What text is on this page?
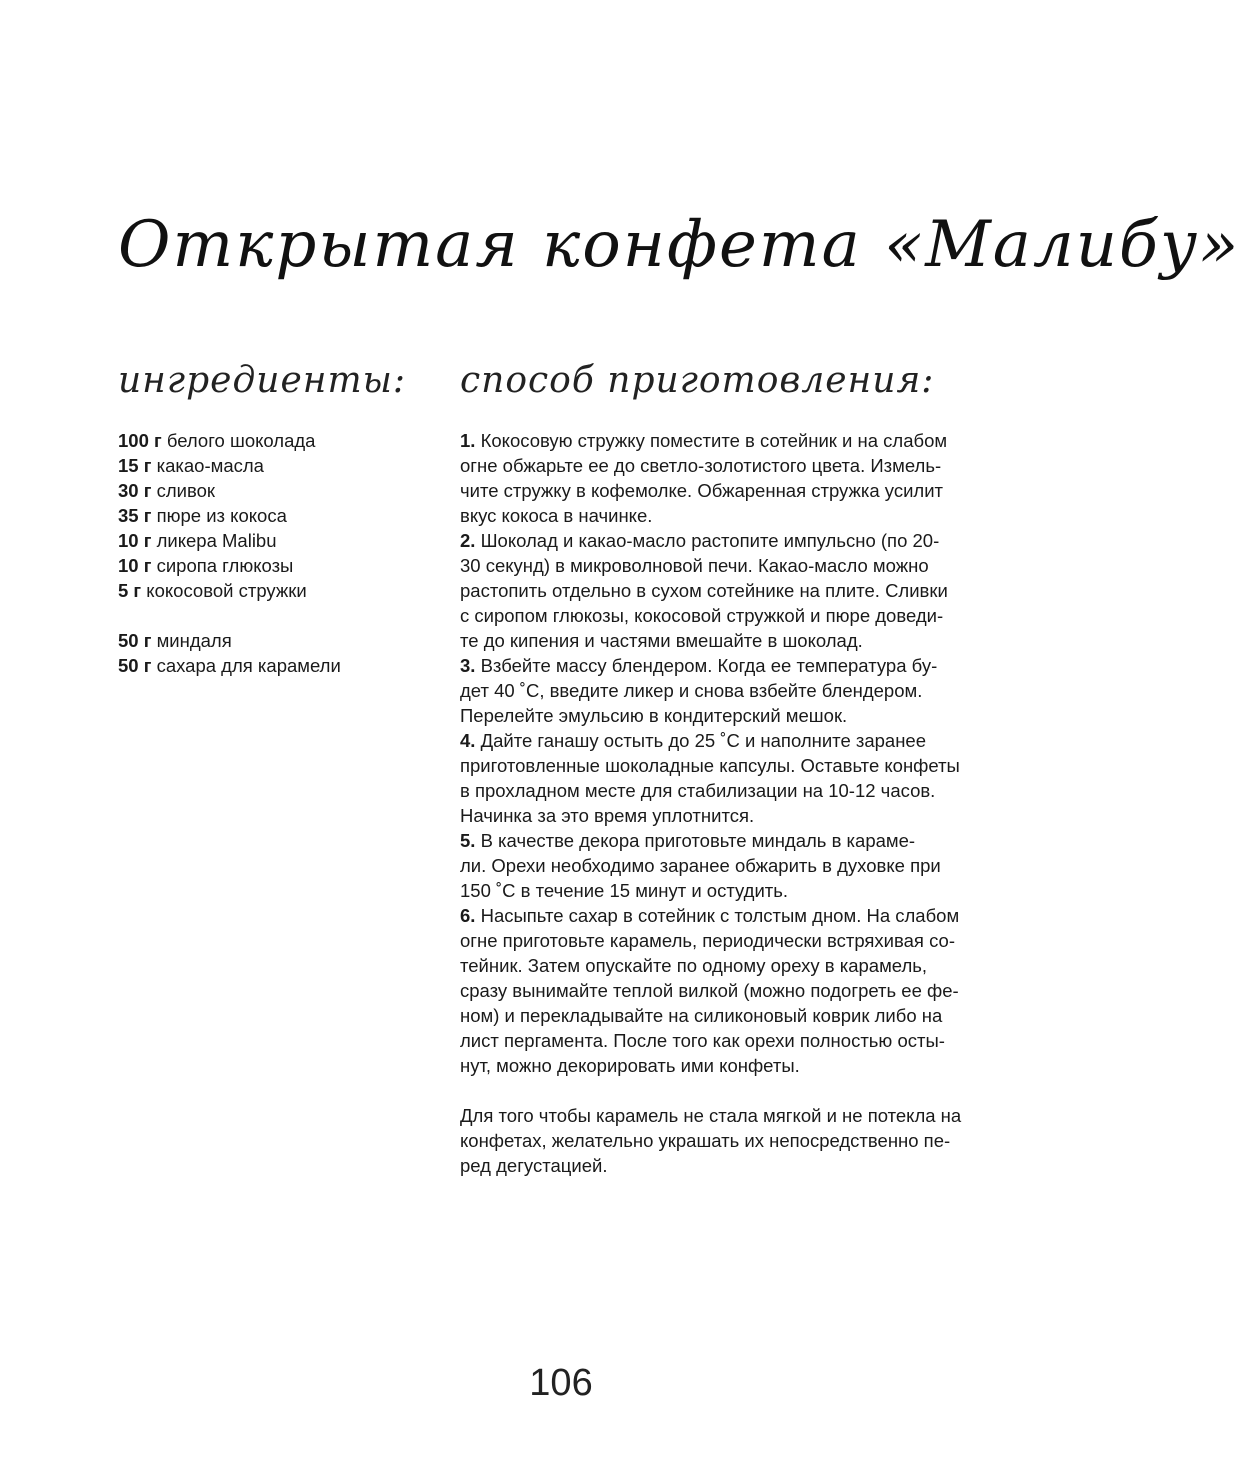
Открытая конфета «Малибу»
ингредиенты: способ приготовления:
100 г белого шоколада
15 г какао-масла
30 г сливок
35 г пюре из кокоса
10 г ликера Malibu
10 г сиропа глюкозы
5 г кокосовой стружки
50 г миндаля
50 г сахара для карамели
1. Кокосовую стружку поместите в сотейник и на слабом
огне обжарьте ее до светло-золотистого цвета. Измель-
чите стружку в кофемолке. Обжаренная стружка усилит
вкус кокоса в начинке.
2. Шоколад и какао-масло растопите импульсно (по 20-
30 секунд) в микроволновой печи. Какао-масло можно
растопить отдельно в сухом сотейнике на плите. Сливки
с сиропом глюкозы, кокосовой стружкой и пюре доведи-
те до кипения и частями вмешайте в шоколад.
3. Взбейте массу блендером. Когда ее температура бу-
дет 40 ˚С, введите ликер и снова взбейте блендером.
Перелейте эмульсию в кондитерский мешок.
4. Дайте ганашу остыть до 25 ˚С и наполните заранее
приготовленные шоколадные капсулы. Оставьте конфеты
в прохладном месте для стабилизации на 10-12 часов.
Начинка за это время уплотнится.
5. В качестве декора приготовьте миндаль в караме-
ли. Орехи необходимо заранее обжарить в духовке при
150 ˚С в течение 15 минут и остудить.
6. Насыпьте сахар в сотейник с толстым дном. На слабом
огне приготовьте карамель, периодически встряхивая со-
тейник. Затем опускайте по одному ореху в карамель,
сразу вынимайте теплой вилкой (можно подогреть ее фе-
ном) и перекладывайте на силиконовый коврик либо на
лист пергамента. После того как орехи полностью осты-
нут, можно декорировать ими конфеты.
Для того чтобы карамель не стала мягкой и не потекла на
конфетах, желательно украшать их непосредственно пе-
ред дегустацией.
106
